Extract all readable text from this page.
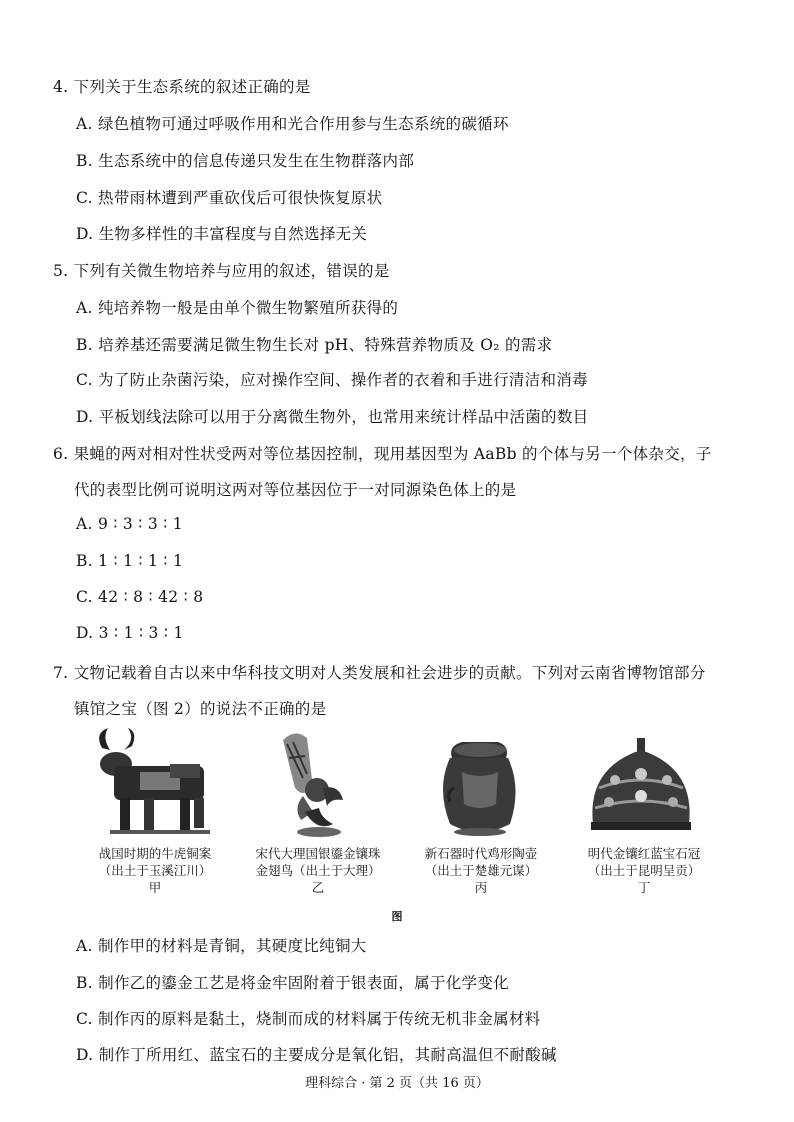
4. 下列关于生态系统的叙述正确的是
A. 绿色植物可通过呼吸作用和光合作用参与生态系统的碳循环
B. 生态系统中的信息传递只发生在生物群落内部
C. 热带雨林遭到严重砍伐后可很快恢复原状
D. 生物多样性的丰富程度与自然选择无关
5. 下列有关微生物培养与应用的叙述，错误的是
A. 纯培养物一般是由单个微生物繁殖所获得的
B. 培养基还需要满足微生物生长对 pH、特殊营养物质及 O₂ 的需求
C. 为了防止杂菌污染，应对操作空间、操作者的衣着和手进行清洁和消毒
D. 平板划线法除可以用于分离微生物外，也常用来统计样品中活菌的数目
6. 果蝇的两对相对性状受两对等位基因控制，现用基因型为 AaBb 的个体与另一个体杂交，子
代的表型比例可说明这两对等位基因位于一对同源染色体上的是
A. 9 ∶ 3 ∶ 3 ∶ 1
B. 1 ∶ 1 ∶ 1 ∶ 1
C. 42 ∶ 8 ∶ 42 ∶ 8
D. 3 ∶ 1 ∶ 3 ∶ 1
7. 文物记载着自古以来中华科技文明对人类发展和社会进步的贡献。下列对云南省博物馆部分
镇馆之宝（图 2）的说法不正确的是
战国时期的牛虎铜案
（出土于玉溪江川）
甲
宋代大理国银鎏金镶珠
金翅鸟（出土于大理）
乙
新石器时代鸡形陶壶
（出土于楚雄元谋）
丙
明代金镶红蓝宝石冠
（出土于昆明呈贡）
丁
图
A. 制作甲的材料是青铜，其硬度比纯铜大
B. 制作乙的鎏金工艺是将金牢固附着于银表面，属于化学变化
C. 制作丙的原料是黏土，烧制而成的材料属于传统无机非金属材料
D. 制作丁所用红、蓝宝石的主要成分是氧化铝，其耐高温但不耐酸碱
理科综合 · 第 2 页（共 16 页）
